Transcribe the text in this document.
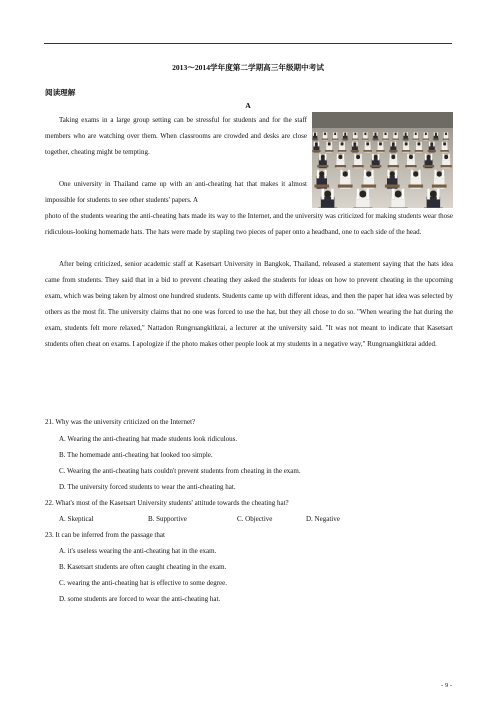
2013～2014学年度第二学期高三年级期中考试
阅读理解
A
Taking exams in a large group setting can be stressful for students and for the staff members who are watching over them. When classrooms are crowded and desks are close together, cheating might be tempting.
One university in Thailand came up with an anti-cheating hat that makes it almost impossible for students to see other students' papers. A
photo of the students wearing the anti-cheating hats made its way to the Internet, and the university was criticized for making students wear those ridiculous-looking homemade hats. The hats were made by stapling two pieces of paper onto a headband, one to each side of the head.
After being criticized, senior academic staff at Kasetsart University in Bangkok, Thailand, released a statement saying that the hats idea came from students. They said that in a bid to prevent cheating they asked the students for ideas on how to prevent cheating in the upcoming exam, which was being taken by almost one hundred students. Students came up with different ideas, and then the paper hat idea was selected by others as the most fit. The university claims that no one was forced to use the hat, but they all chose to do so. "When wearing the hat during the exam, students felt more relaxed," Nattadon Rungruangkitkrai, a lecturer at the university said. "It was not meant to indicate that Kasetsart students often cheat on exams. I apologize if the photo makes other people look at my students in a negative way," Rungruangkitkrai added.
21. Why was the university criticized on the Internet?
A. Wearing the anti-cheating hat made students look ridiculous.
B. The homemade anti-cheating hat looked too simple.
C. Wearing the anti-cheating hats couldn't prevent students from cheating in the exam.
D. The university forced students to wear the anti-cheating hat.
22. What's most of the Kasetsart University students' attitude towards the cheating hat?
A. Skeptical	B. Supportive	C. Objective	D. Negative
23. It can be inferred from the passage that
A. it's useless wearing the anti-cheating hat in the exam.
B. Kasetsart students are often caught cheating in the exam.
C. wearing the anti-cheating hat is effective to some degree.
D. some students are forced to wear the anti-cheating hat.
- 9 -
